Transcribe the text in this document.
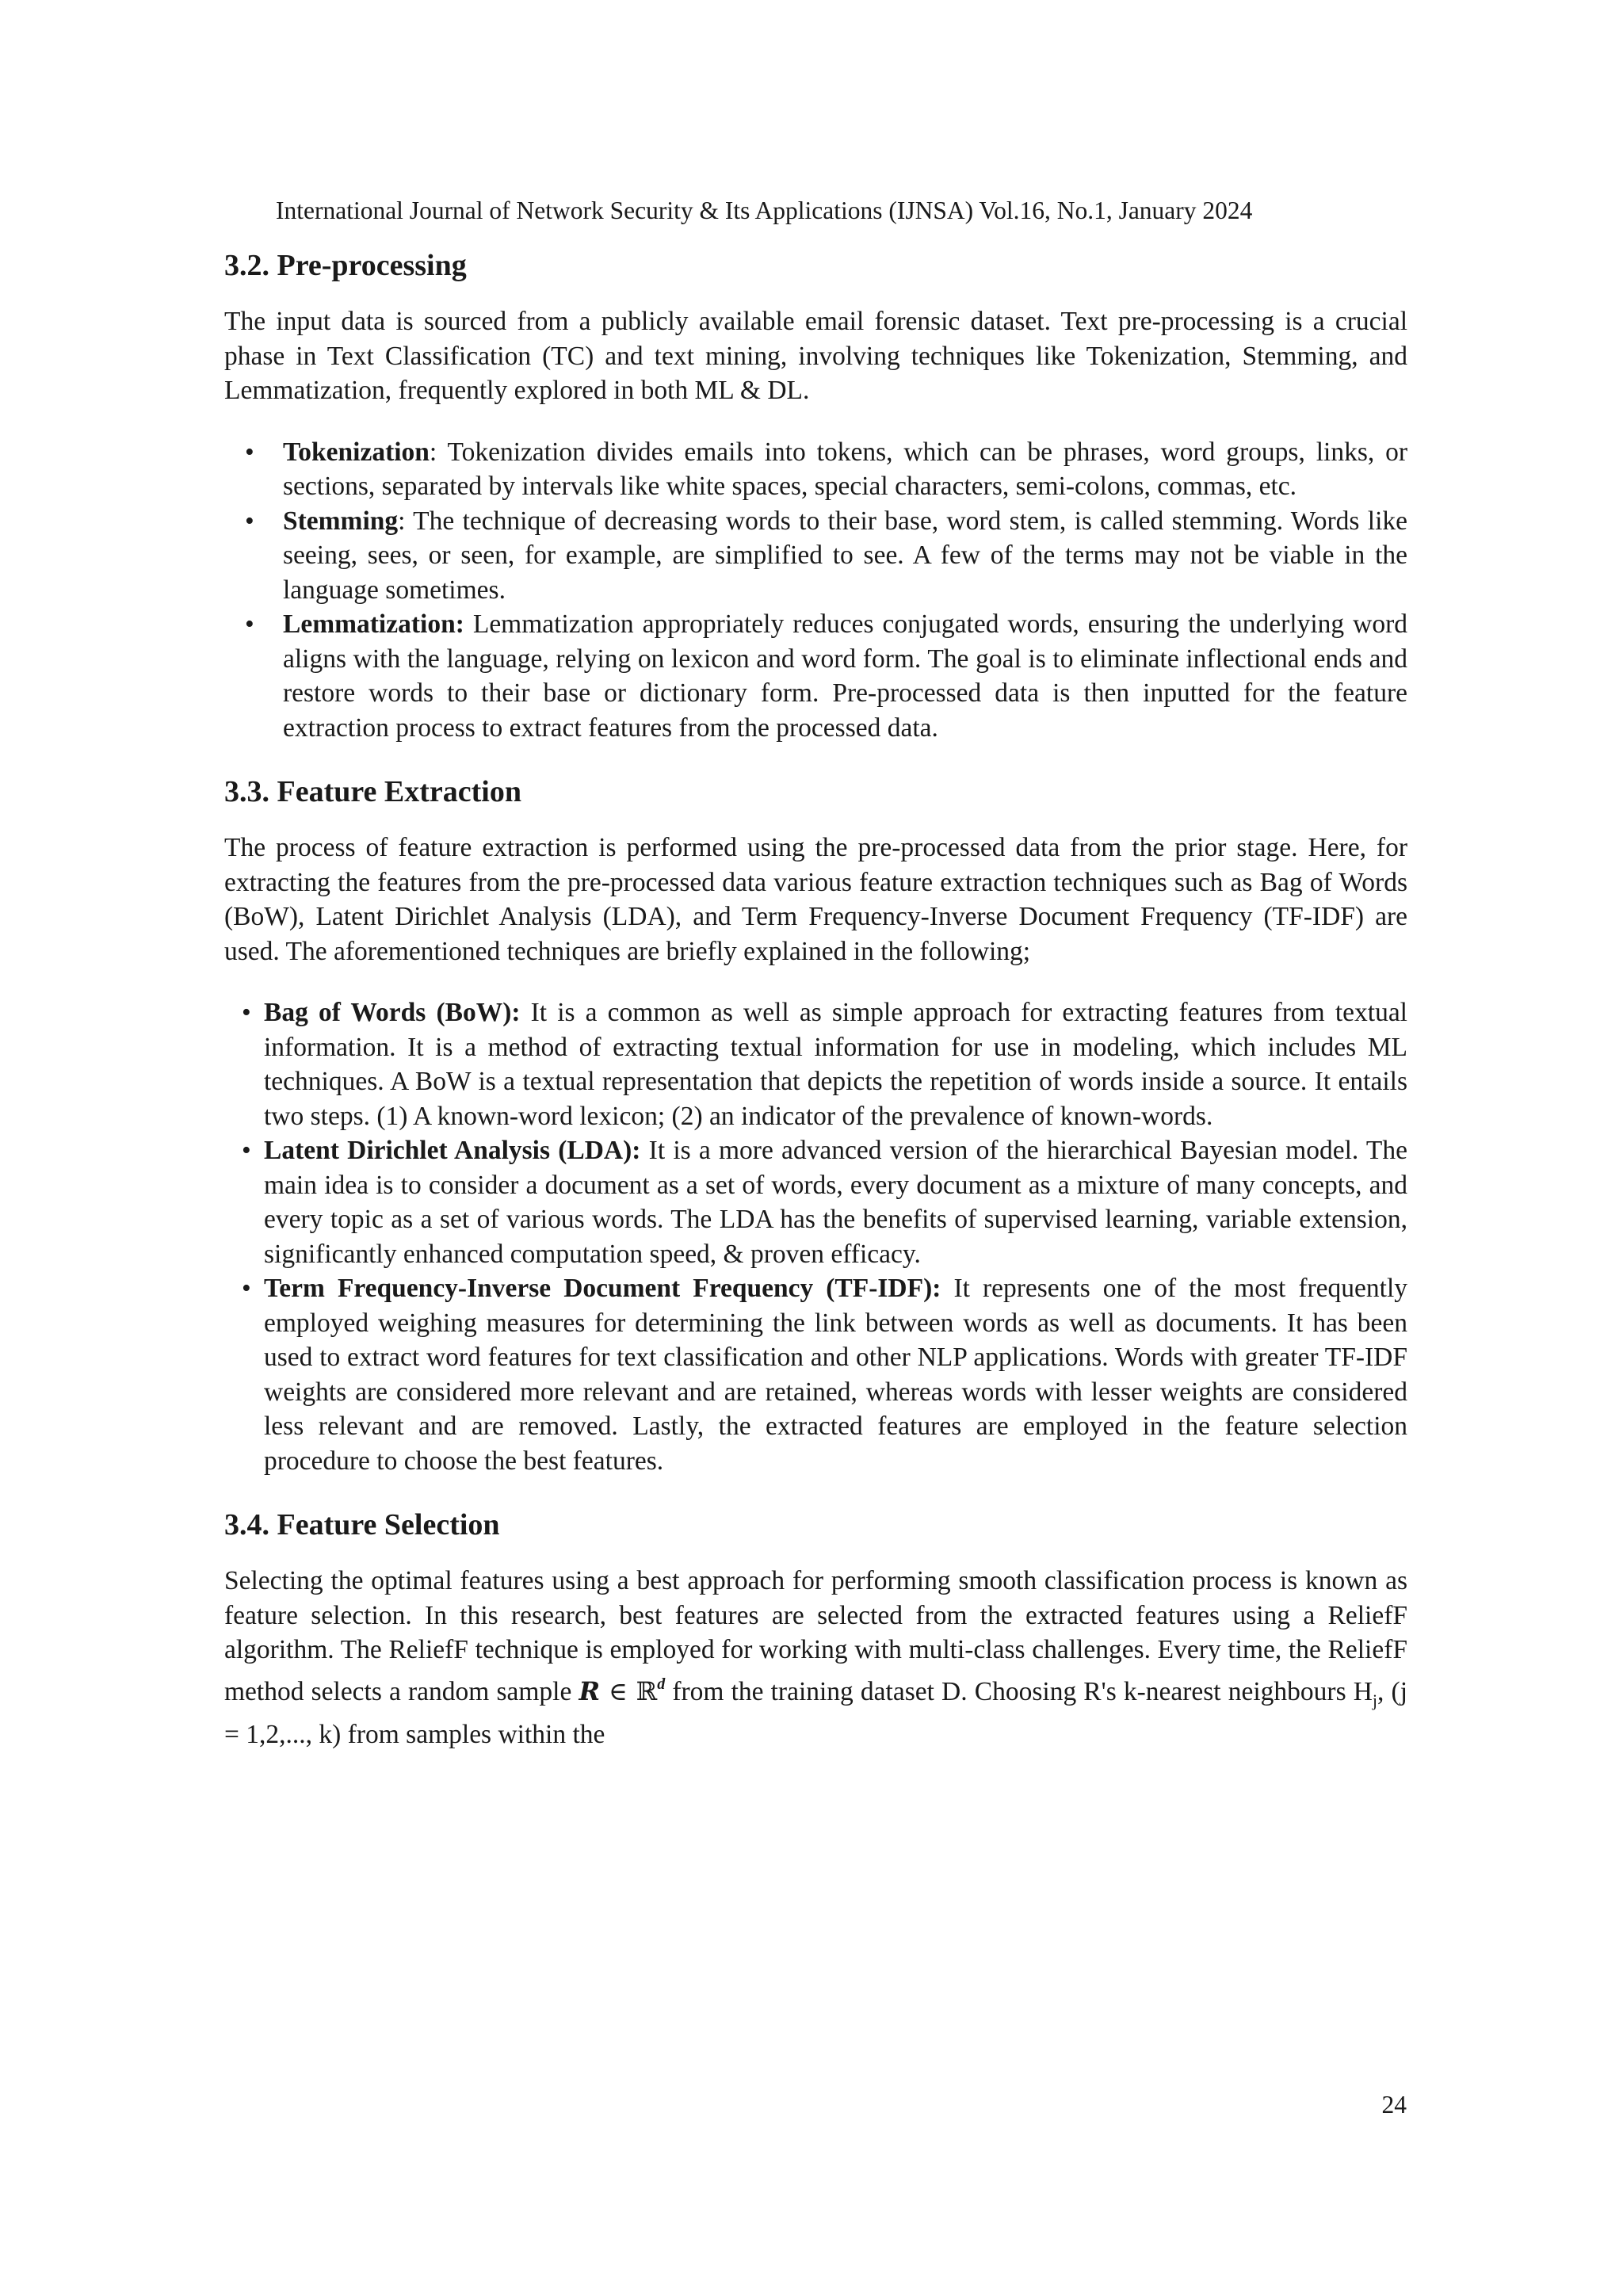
International Journal of Network Security & Its Applications (IJNSA) Vol.16, No.1, January 2024
3.2. Pre-processing

The input data is sourced from a publicly available email forensic dataset. Text pre-processing is a crucial phase in Text Classification (TC) and text mining, involving techniques like Tokenization, Stemming, and Lemmatization, frequently explored in both ML & DL.

• Tokenization: Tokenization divides emails into tokens, which can be phrases, word groups, links, or sections, separated by intervals like white spaces, special characters, semi-colons, commas, etc.
• Stemming: The technique of decreasing words to their base, word stem, is called stemming. Words like seeing, sees, or seen, for example, are simplified to see. A few of the terms may not be viable in the language sometimes.
• Lemmatization: Lemmatization appropriately reduces conjugated words, ensuring the underlying word aligns with the language, relying on lexicon and word form. The goal is to eliminate inflectional ends and restore words to their base or dictionary form. Pre-processed data is then inputted for the feature extraction process to extract features from the processed data.
3.3. Feature Extraction

The process of feature extraction is performed using the pre-processed data from the prior stage. Here, for extracting the features from the pre-processed data various feature extraction techniques such as Bag of Words (BoW), Latent Dirichlet Analysis (LDA), and Term Frequency-Inverse Document Frequency (TF-IDF) are used. The aforementioned techniques are briefly explained in the following;

• Bag of Words (BoW): It is a common as well as simple approach for extracting features from textual information. It is a method of extracting textual information for use in modeling, which includes ML techniques. A BoW is a textual representation that depicts the repetition of words inside a source. It entails two steps. (1) A known-word lexicon; (2) an indicator of the prevalence of known-words.
• Latent Dirichlet Analysis (LDA): It is a more advanced version of the hierarchical Bayesian model. The main idea is to consider a document as a set of words, every document as a mixture of many concepts, and every topic as a set of various words. The LDA has the benefits of supervised learning, variable extension, significantly enhanced computation speed, & proven efficacy.
• Term Frequency-Inverse Document Frequency (TF-IDF): It represents one of the most frequently employed weighing measures for determining the link between words as well as documents. It has been used to extract word features for text classification and other NLP applications. Words with greater TF-IDF weights are considered more relevant and are retained, whereas words with lesser weights are considered less relevant and are removed. Lastly, the extracted features are employed in the feature selection procedure to choose the best features.
3.4. Feature Selection

Selecting the optimal features using a best approach for performing smooth classification process is known as feature selection. In this research, best features are selected from the extracted features using a ReliefF algorithm. The ReliefF technique is employed for working with multi-class challenges. Every time, the ReliefF method selects a random sample R ∈ ℝ$^d$ from the training dataset D. Choosing R's k-nearest neighbours $H_j$, (j = 1,2,..., k) from samples within the

24
